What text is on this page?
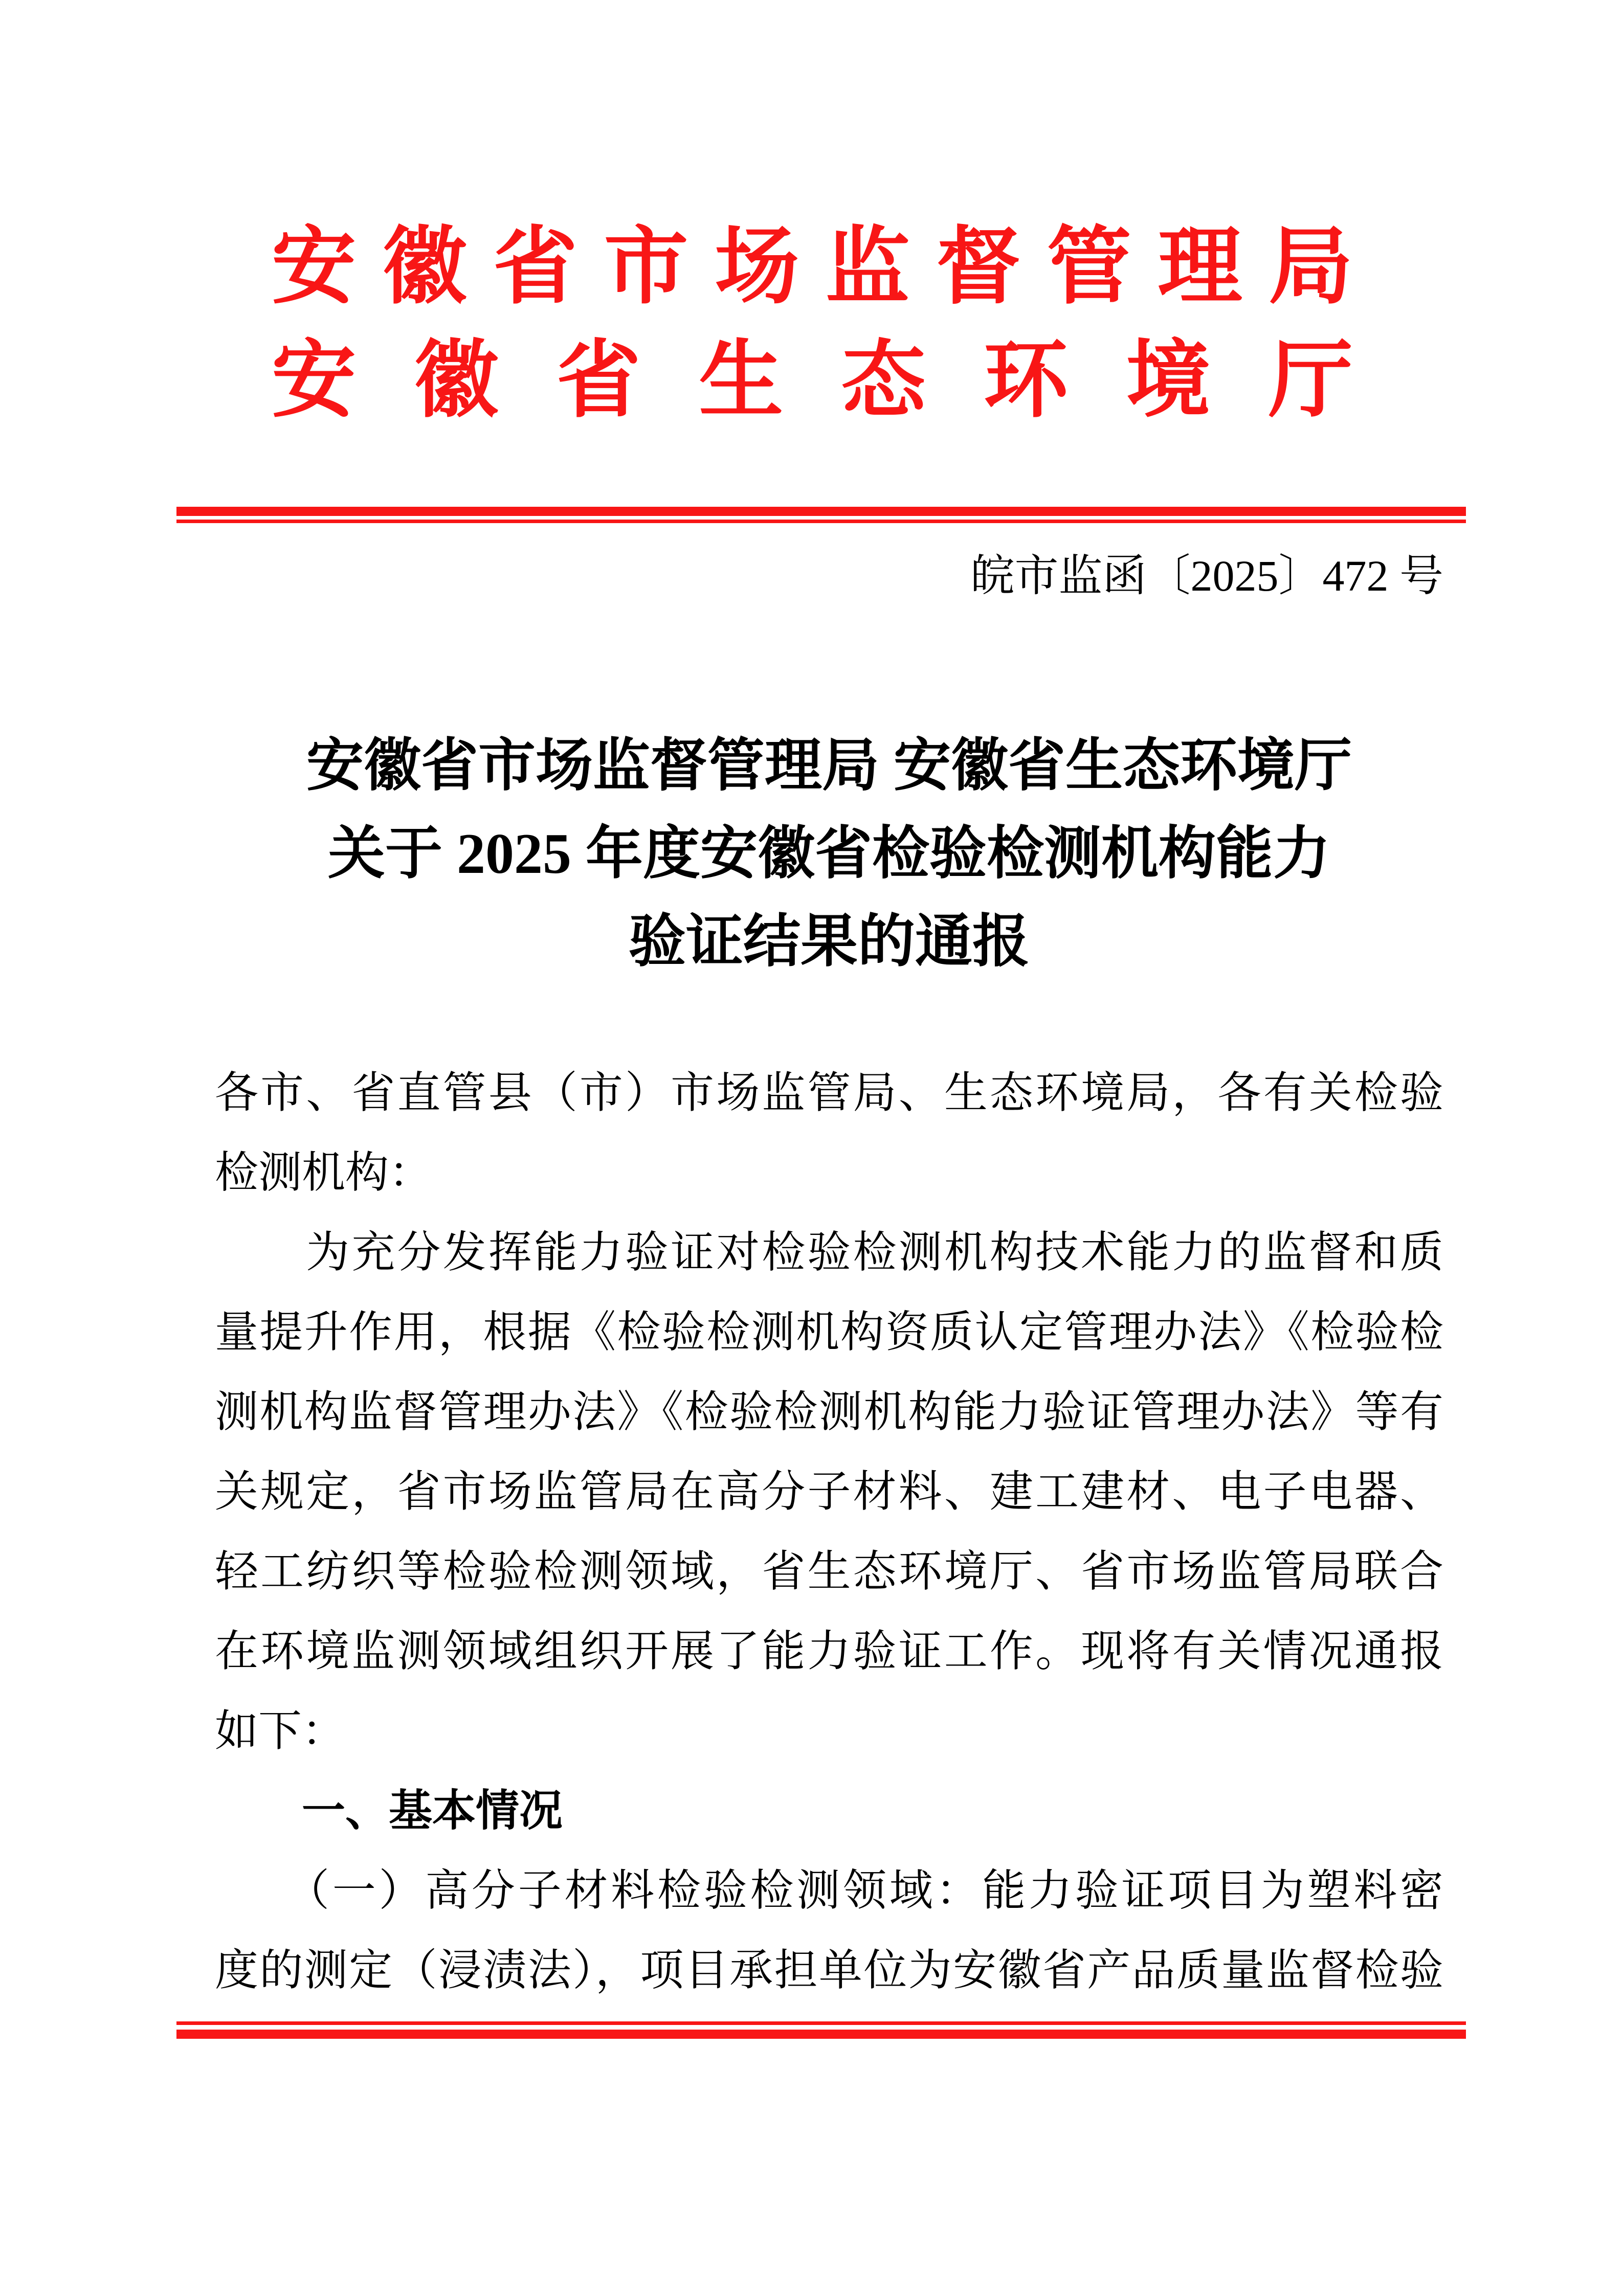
安徽省市场监督管理局
安徽省生态环境厅
皖市监函〔2025〕472 号
安徽省市场监督管理局 安徽省生态环境厅
关于 2025 年度安徽省检验检测机构能力
验证结果的通报
各市、省直管县（市）市场监管局、生态环境局，各有关检验
检测机构：
　　为充分发挥能力验证对检验检测机构技术能力的监督和质
量提升作用，根据《检验检测机构资质认定管理办法》《检验检
测机构监督管理办法》《检验检测机构能力验证管理办法》等有
关规定，省市场监管局在高分子材料、建工建材、电子电器、
轻工纺织等检验检测领域，省生态环境厅、省市场监管局联合
在环境监测领域组织开展了能力验证工作。现将有关情况通报
如下：
　　一、基本情况
　　（一）高分子材料检验检测领域：能力验证项目为塑料密
度的测定（浸渍法），项目承担单位为安徽省产品质量监督检验
